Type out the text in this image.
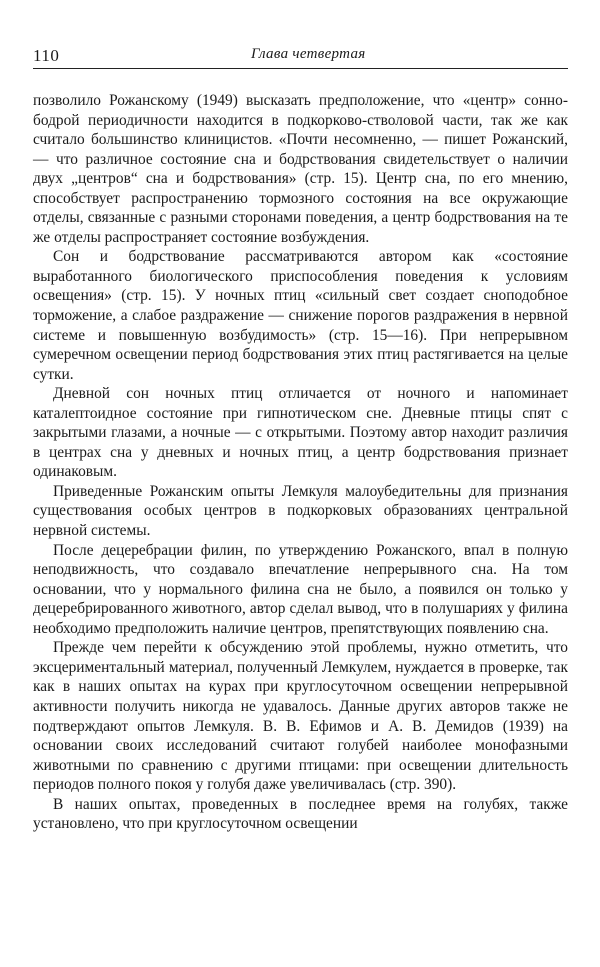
110	Глава четвертая

позволило Рожанскому (1949) высказать предположение, что «центр» сонно-бодрой периодичности находится в подкорково-стволовой части, так же как считало большинство клиницистов. «Почти несомненно, — пишет Рожанский, — что различное состояние сна и бодрствования свидетельствует о наличии двух „центров“ сна и бодрствования» (стр. 15). Центр сна, по его мнению, способствует распространению тормозного состояния на все окружающие отделы, связанные с разными сторонами поведения, а центр бодрствования на те же отделы распространяет состояние возбуждения.

Сон и бодрствование рассматриваются автором как «состояние выработанного биологического приспособления поведения к условиям освещения» (стр. 15). У ночных птиц «сильный свет создает сноподобное торможение, а слабое раздражение — снижение порогов раздражения в нервной системе и повышенную возбудимость» (стр. 15—16). При непрерывном сумеречном освещении период бодрствования этих птиц растягивается на целые сутки.

Дневной сон ночных птиц отличается от ночного и напоминает каталептоидное состояние при гипнотическом сне. Дневные птицы спят с закрытыми глазами, а ночные — с открытыми. Поэтому автор находит различия в центрах сна у дневных и ночных птиц, а центр бодрствования признает одинаковым.

Приведенные Рожанским опыты Лемкуля малоубедительны для признания существования особых центров в подкорковых образованиях центральной нервной системы.

После децеребрации филин, по утверждению Рожанского, впал в полную неподвижность, что создавало впечатление непрерывного сна. На том основании, что у нормального филина сна не было, а появился он только у децеребрированного животного, автор сделал вывод, что в полушариях у филина необходимо предположить наличие центров, препятствующих появлению сна.

Прежде чем перейти к обсуждению этой проблемы, нужно отметить, что эксцериментальный материал, полученный Лемкулем, нуждается в проверке, так как в наших опытах на курах при круглосуточном освещении непрерывной активности получить никогда не удавалось. Данные других авторов также не подтверждают опытов Лемкуля. В. В. Ефимов и А. В. Демидов (1939) на основании своих исследований считают голубей наиболее монофазными животными по сравнению с другими птицами: при освещении длительность периодов полного покоя у голубя даже увеличивалась (стр. 390).

В наших опытах, проведенных в последнее время на голубях, также установлено, что при круглосуточном освещении
